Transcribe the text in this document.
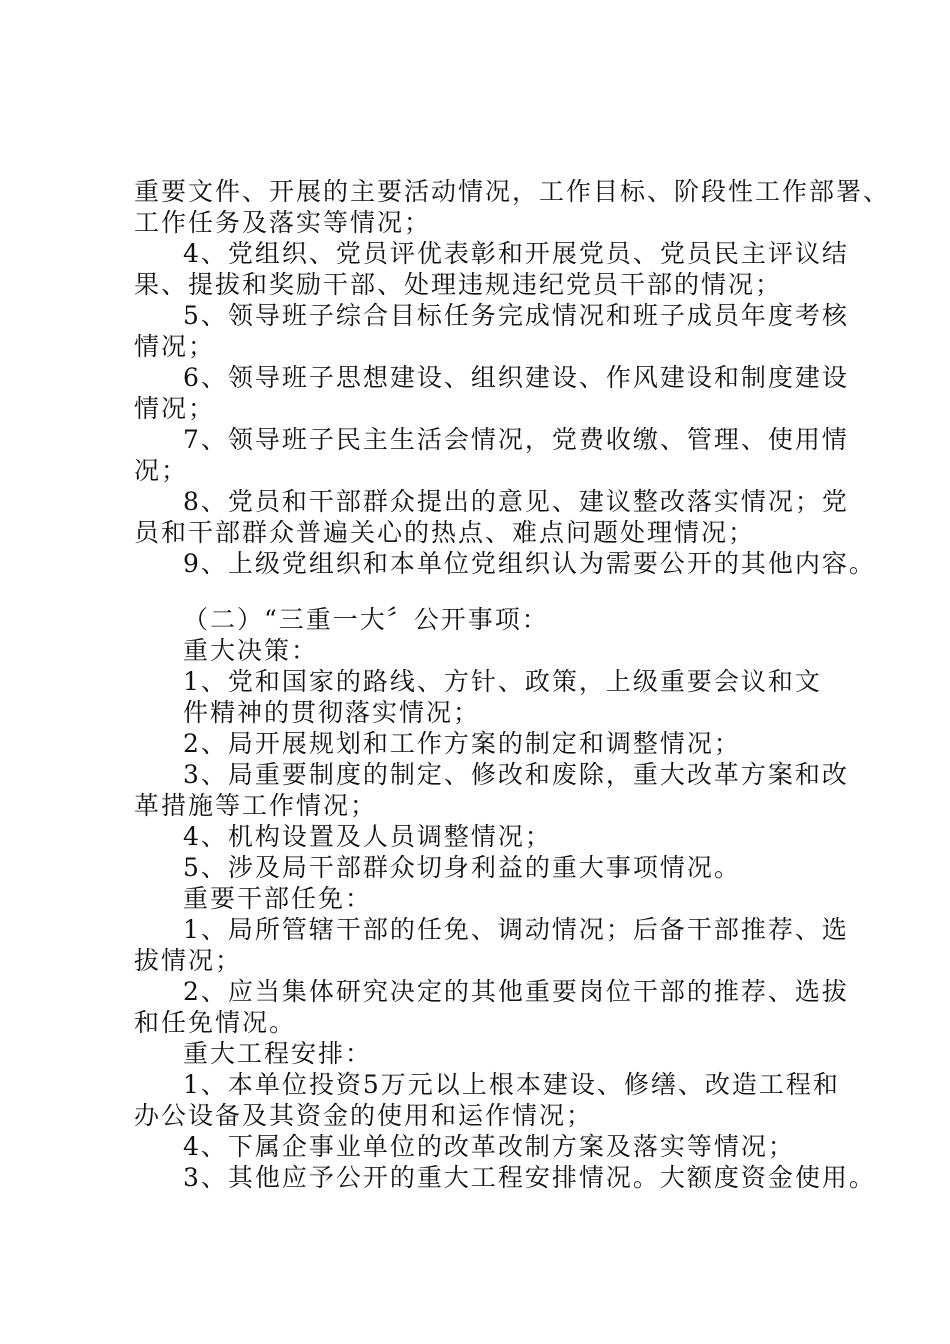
重要文件、开展的主要活动情况，工作目标、阶段性工作部署、
工作任务及落实等情况；
4、党组织、党员评优表彰和开展党员、党员民主评议结
果、提拔和奖励干部、处理违规违纪党员干部的情况；
5、领导班子综合目标任务完成情况和班子成员年度考核
情况；
6、领导班子思想建设、组织建设、作风建设和制度建设
情况；
7、领导班子民主生活会情况，党费收缴、管理、使用情
况；
8、党员和干部群众提出的意见、建议整改落实情况；党
员和干部群众普遍关心的热点、难点问题处理情况；
9、上级党组织和本单位党组织认为需要公开的其他内容。
（二）“三重一大〞公开事项：
重大决策：
1、党和国家的路线、方针、政策，上级重要会议和文
件精神的贯彻落实情况；
2、局开展规划和工作方案的制定和调整情况；
3、局重要制度的制定、修改和废除，重大改革方案和改
革措施等工作情况；
4、机构设置及人员调整情况；
5、涉及局干部群众切身利益的重大事项情况。
重要干部任免：
1、局所管辖干部的任免、调动情况；后备干部推荐、选
拔情况；
2、应当集体研究决定的其他重要岗位干部的推荐、选拔
和任免情况。
重大工程安排：
1、本单位投资5万元以上根本建设、修缮、改造工程和
办公设备及其资金的使用和运作情况；
4、下属企事业单位的改革改制方案及落实等情况；
3、其他应予公开的重大工程安排情况。大额度资金使用。
